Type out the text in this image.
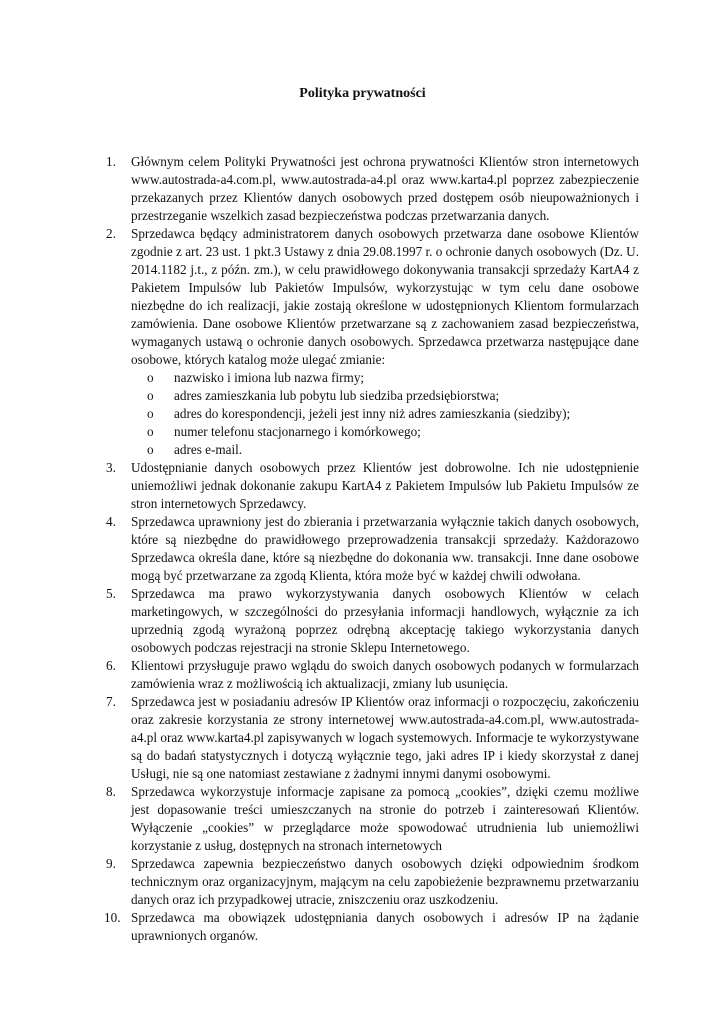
Polityka prywatności
1.	Głównym celem Polityki Prywatności jest ochrona prywatności Klientów stron internetowych www.autostrada-a4.com.pl, www.autostrada-a4.pl oraz www.karta4.pl poprzez zabezpieczenie przekazanych przez Klientów danych osobowych przed dostępem osób nieupoważnionych i przestrzeganie wszelkich zasad bezpieczeństwa podczas przetwarzania danych.
2.	Sprzedawca będący administratorem danych osobowych przetwarza dane osobowe Klientów zgodnie z art. 23 ust. 1 pkt.3 Ustawy z dnia 29.08.1997 r. o ochronie danych osobowych (Dz. U. 2014.1182 j.t., z późn. zm.), w celu prawidłowego dokonywania transakcji sprzedaży KartA4 z Pakietem Impulsów lub Pakietów Impulsów, wykorzystując w tym celu dane osobowe niezbędne do ich realizacji, jakie zostają określone w udostępnionych Klientom formularzach zamówienia. Dane osobowe Klientów przetwarzane są z zachowaniem zasad bezpieczeństwa, wymaganych ustawą o ochronie danych osobowych. Sprzedawca przetwarza następujące dane osobowe, których katalog może ulegać zmianie:
o nazwisko i imiona lub nazwa firmy;
o adres zamieszkania lub pobytu lub siedziba przedsiębiorstwa;
o adres do korespondencji, jeżeli jest inny niż adres zamieszkania (siedziby);
o numer telefonu stacjonarnego i komórkowego;
o adres e-mail.
3.	Udostępnianie danych osobowych przez Klientów jest dobrowolne. Ich nie udostępnienie uniemożliwi jednak dokonanie zakupu KartA4 z Pakietem Impulsów lub Pakietu Impulsów ze stron internetowych Sprzedawcy.
4.	Sprzedawca uprawniony jest do zbierania i przetwarzania wyłącznie takich danych osobowych, które są niezbędne do prawidłowego przeprowadzenia transakcji sprzedaży. Każdorazowo Sprzedawca określa dane, które są niezbędne do dokonania ww. transakcji. Inne dane osobowe mogą być przetwarzane za zgodą Klienta, która może być w każdej chwili odwołana.
5.	Sprzedawca ma prawo wykorzystywania danych osobowych Klientów w celach marketingowych, w szczególności do przesyłania informacji handlowych, wyłącznie za ich uprzednią zgodą wyrażoną poprzez odrębną akceptację takiego wykorzystania danych osobowych podczas rejestracji na stronie Sklepu Internetowego.
6.	Klientowi przysługuje prawo wglądu do swoich danych osobowych podanych w formularzach zamówienia wraz z możliwością ich aktualizacji, zmiany lub usunięcia.
7.	Sprzedawca jest w posiadaniu adresów IP Klientów oraz informacji o rozpoczęciu, zakończeniu oraz zakresie korzystania ze strony internetowej www.autostrada-a4.com.pl, www.autostrada-a4.pl oraz www.karta4.pl zapisywanych w logach systemowych. Informacje te wykorzystywane są do badań statystycznych i dotyczą wyłącznie tego, jaki adres IP i kiedy skorzystał z danej Usługi, nie są one natomiast zestawiane z żadnymi innymi danymi osobowymi.
8.	Sprzedawca wykorzystuje informacje zapisane za pomocą „cookies”, dzięki czemu możliwe jest dopasowanie treści umieszczanych na stronie do potrzeb i zainteresowań Klientów. Wyłączenie „cookies” w przeglądarce może spowodować utrudnienia lub uniemożliwi korzystanie z usług, dostępnych na stronach internetowych
9.	Sprzedawca zapewnia bezpieczeństwo danych osobowych dzięki odpowiednim środkom technicznym oraz organizacyjnym, mającym na celu zapobieżenie bezprawnemu przetwarzaniu danych oraz ich przypadkowej utracie, zniszczeniu oraz uszkodzeniu.
10. Sprzedawca ma obowiązek udostępniania danych osobowych i adresów IP na żądanie uprawnionych organów.
